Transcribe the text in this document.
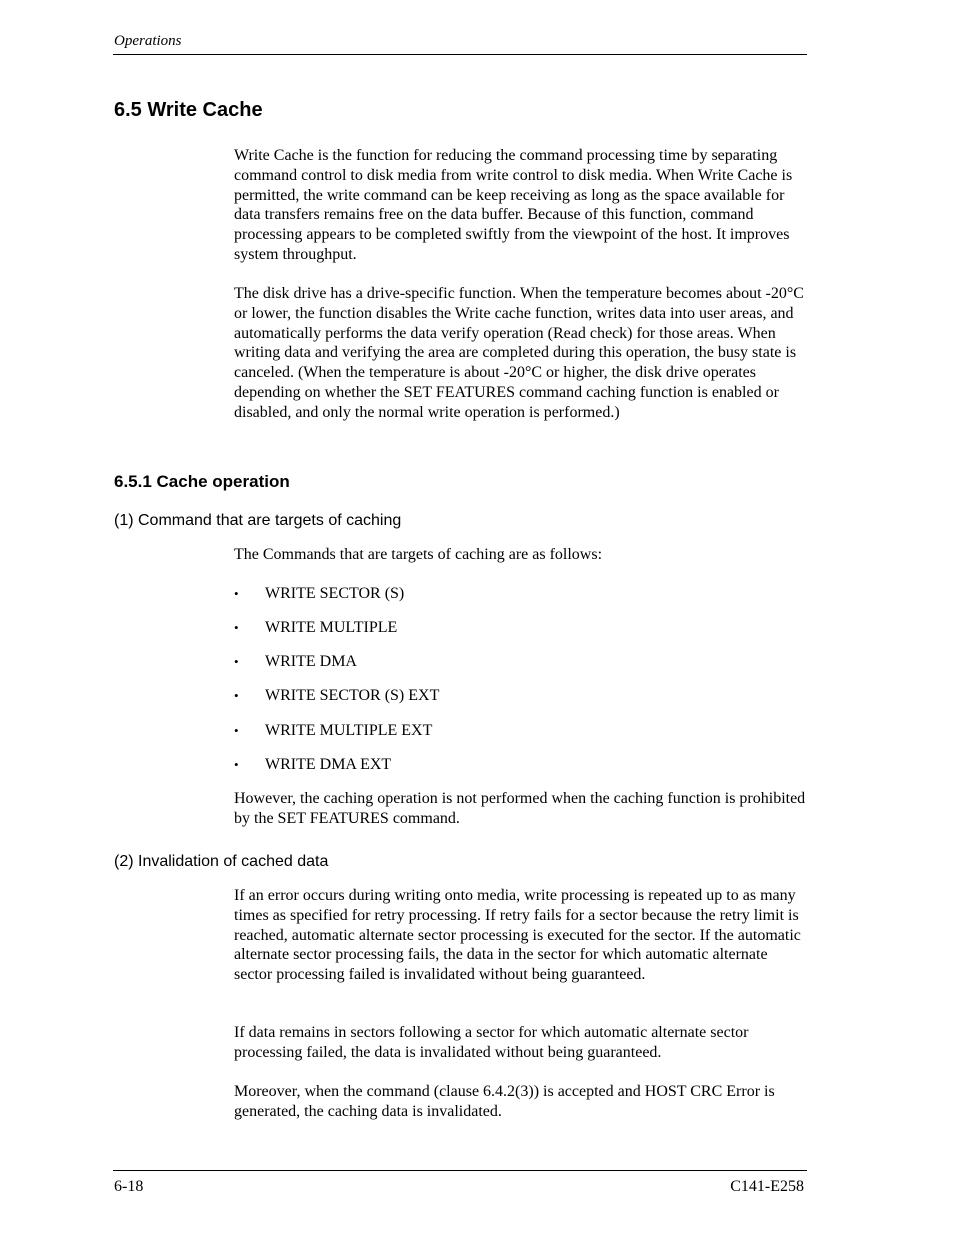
Operations
6.5 Write Cache

Write Cache is the function for reducing the command processing time by separating command control to disk media from write control to disk media. When Write Cache is permitted, the write command can be keep receiving as long as the space available for data transfers remains free on the data buffer. Because of this function, command processing appears to be completed swiftly from the viewpoint of the host. It improves system throughput.

The disk drive has a drive-specific function. When the temperature becomes about -20°C or lower, the function disables the Write cache function, writes data into user areas, and automatically performs the data verify operation (Read check) for those areas. When writing data and verifying the area are completed during this operation, the busy state is canceled. (When the temperature is about -20°C or higher, the disk drive operates depending on whether the SET FEATURES command caching function is enabled or disabled, and only the normal write operation is performed.)

6.5.1 Cache operation
(1) Command that are targets of caching

The Commands that are targets of caching are as follows:

• WRITE SECTOR (S)
• WRITE MULTIPLE
• WRITE DMA
• WRITE SECTOR (S) EXT
• WRITE MULTIPLE EXT
• WRITE DMA EXT

However, the caching operation is not performed when the caching function is prohibited by the SET FEATURES command.

(2) Invalidation of cached data

If an error occurs during writing onto media, write processing is repeated up to as many times as specified for retry processing. If retry fails for a sector because the retry limit is reached, automatic alternate sector processing is executed for the sector. If the automatic alternate sector processing fails, the data in the sector for which automatic alternate sector processing failed is invalidated without being guaranteed.

If data remains in sectors following a sector for which automatic alternate sector processing failed, the data is invalidated without being guaranteed.

Moreover, when the command (clause 6.4.2(3)) is accepted and HOST CRC Error is generated, the caching data is invalidated.

6-18	C141-E258
